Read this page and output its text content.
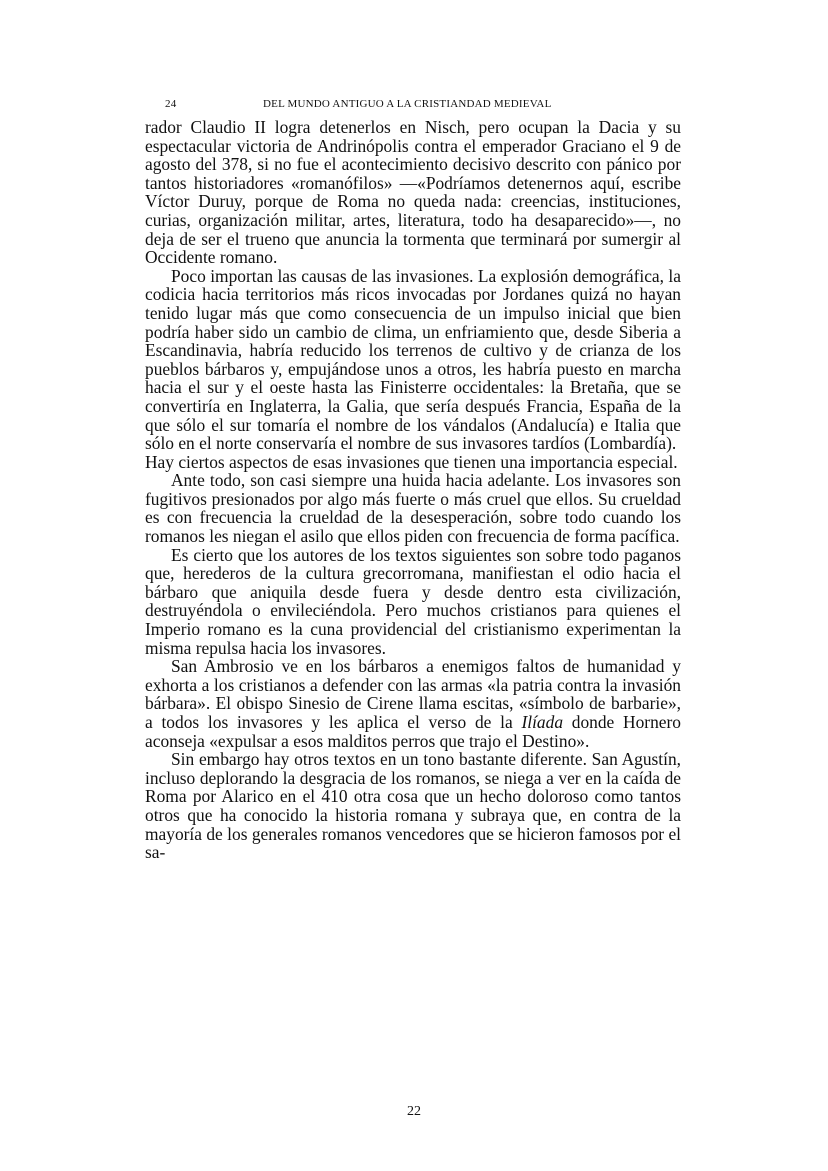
24	DEL MUNDO ANTIGUO A LA CRISTIANDAD MEDIEVAL

rador Claudio II logra detenerlos en Nisch, pero ocupan la Dacia y su espectacular victoria de Andrinópolis contra el emperador Graciano el 9 de agosto del 378, si no fue el acontecimiento decisivo descrito con pánico por tantos historiadores «romanófilos» —«Podríamos detenernos aquí, escribe Víctor Duruy, porque de Roma no queda nada: creencias, instituciones, curias, organización militar, artes, literatura, todo ha desaparecido»—, no deja de ser el trueno que anuncia la tormenta que terminará por sumergir al Occidente romano.

Poco importan las causas de las invasiones. La explosión demográfica, la codicia hacia territorios más ricos invocadas por Jordanes quizá no hayan tenido lugar más que como consecuencia de un impulso inicial que bien podría haber sido un cambio de clima, un enfriamiento que, desde Siberia a Escandinavia, habría reducido los terrenos de cultivo y de crianza de los pueblos bárbaros y, empujándose unos a otros, les habría puesto en marcha hacia el sur y el oeste hasta las Finisterre occidentales: la Bretaña, que se convertiría en Inglaterra, la Galia, que sería después Francia, España de la que sólo el sur tomaría el nombre de los vándalos (Andalucía) e Italia que sólo en el norte conservaría el nombre de sus invasores tardíos (Lombardía).

Hay ciertos aspectos de esas invasiones que tienen una importancia especial.

Ante todo, son casi siempre una huida hacia adelante. Los invasores son fugitivos presionados por algo más fuerte o más cruel que ellos. Su crueldad es con frecuencia la crueldad de la desesperación, sobre todo cuando los romanos les niegan el asilo que ellos piden con frecuencia de forma pacífica.

Es cierto que los autores de los textos siguientes son sobre todo paganos que, herederos de la cultura grecorromana, manifiestan el odio hacia el bárbaro que aniquila desde fuera y desde dentro esta civilización, destruyéndola o envileciéndola. Pero muchos cristianos para quienes el Imperio romano es la cuna providencial del cristianismo experimentan la misma repulsa hacia los invasores.

San Ambrosio ve en los bárbaros a enemigos faltos de humanidad y exhorta a los cristianos a defender con las armas «la patria contra la invasión bárbara». El obispo Sinesio de Cirene llama escitas, «símbolo de barbarie», a todos los invasores y les aplica el verso de la Ilíada donde Hornero aconseja «expulsar a esos malditos perros que trajo el Destino».

Sin embargo hay otros textos en un tono bastante diferente. San Agustín, incluso deplorando la desgracia de los romanos, se niega a ver en la caída de Roma por Alarico en el 410 otra cosa que un hecho doloroso como tantos otros que ha conocido la historia romana y subraya que, en contra de la mayoría de los generales romanos vencedores que se hicieron famosos por el sa-

22
